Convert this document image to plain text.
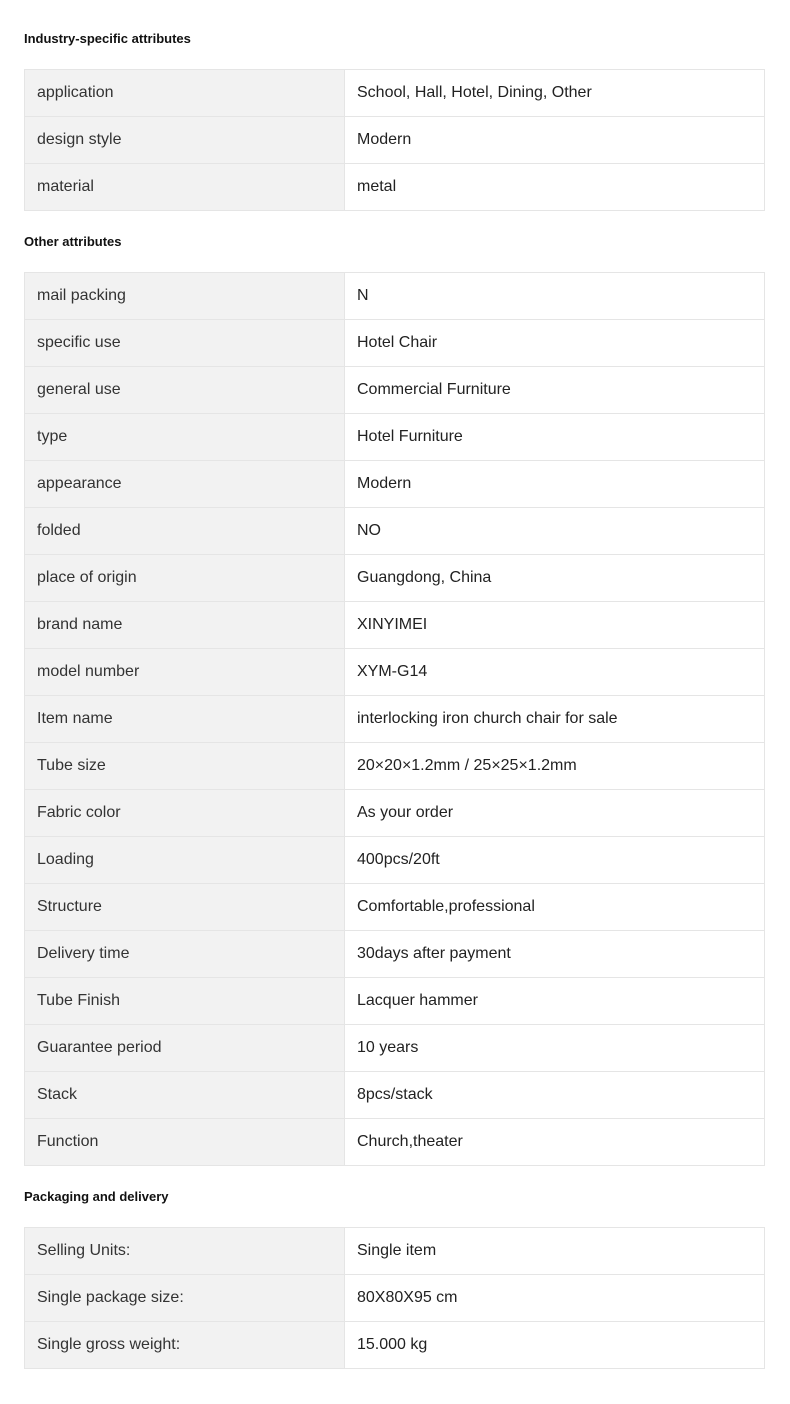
Industry-specific attributes
application	School, Hall, Hotel, Dining, Other
design style	Modern
material	metal
Other attributes
mail packing	N
specific use	Hotel Chair
general use	Commercial Furniture
type	Hotel Furniture
appearance	Modern
folded	NO
place of origin	Guangdong, China
brand name	XINYIMEI
model number	XYM-G14
Item name	interlocking iron church chair for sale
Tube size	20×20×1.2mm / 25×25×1.2mm
Fabric color	As your order
Loading	400pcs/20ft
Structure	Comfortable,professional
Delivery time	30days after payment
Tube Finish	Lacquer hammer
Guarantee period	10 years
Stack	8pcs/stack
Function	Church,theater
Packaging and delivery
Selling Units:	Single item
Single package size:	80X80X95 cm
Single gross weight:	15.000 kg
